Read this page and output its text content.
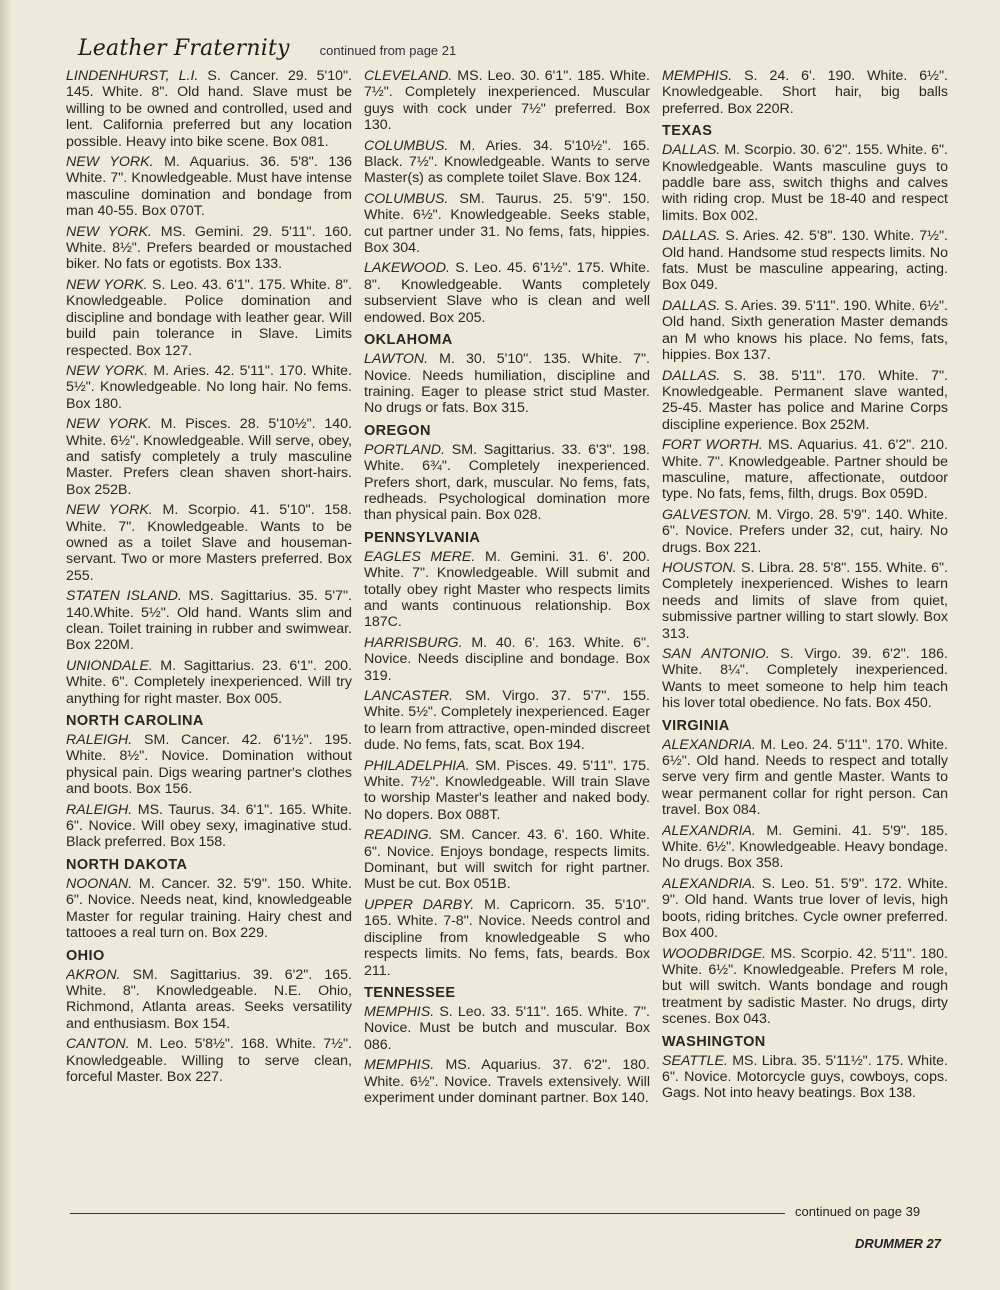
Leather Fraternity continued from page 21

LINDENHURST, L.I. S. Cancer. 29. 5'10". 145. White. 8". Old hand. Slave must be willing to be owned and controlled, used and lent. California preferred but any location possible. Heavy into bike scene. Box 081.

NEW YORK. M. Aquarius. 36. 5'8". 136 White. 7". Knowledgeable. Must have intense masculine domination and bondage from man 40-55. Box 070T.

NEW YORK. MS. Gemini. 29. 5'11". 160. White. 8½". Prefers bearded or moustached biker. No fats or egotists. Box 133.

NEW YORK. S. Leo. 43. 6'1". 175. White. 8". Knowledgeable. Police domination and discipline and bondage with leather gear. Will build pain tolerance in Slave. Limits respected. Box 127.

NEW YORK. M. Aries. 42. 5'11". 170. White. 5½". Knowledgeable. No long hair. No fems. Box 180.

NEW YORK. M. Pisces. 28. 5'10½". 140. White. 6½". Knowledgeable. Will serve, obey, and satisfy completely a truly masculine Master. Prefers clean shaven short-hairs. Box 252B.

NEW YORK. M. Scorpio. 41. 5'10". 158. White. 7". Knowledgeable. Wants to be owned as a toilet Slave and houseman-servant. Two or more Masters preferred. Box 255.

STATEN ISLAND. MS. Sagittarius. 35. 5'7". 140.White. 5½". Old hand. Wants slim and clean. Toilet training in rubber and swimwear. Box 220M.

UNIONDALE. M. Sagittarius. 23. 6'1". 200. White. 6". Completely inexperienced. Will try anything for right master. Box 005.

NORTH CAROLINA

RALEIGH. SM. Cancer. 42. 6'1½". 195. White. 8½". Novice. Domination without physical pain. Digs wearing partner's clothes and boots. Box 156.

RALEIGH. MS. Taurus. 34. 6'1". 165. White. 6". Novice. Will obey sexy, imaginative stud. Black preferred. Box 158.

NORTH DAKOTA

NOONAN. M. Cancer. 32. 5'9". 150. White. 6". Novice. Needs neat, kind, knowledgeable Master for regular training. Hairy chest and tattooes a real turn on. Box 229.

OHIO

AKRON. SM. Sagittarius. 39. 6'2". 165. White. 8". Knowledgeable. N.E. Ohio, Richmond, Atlanta areas. Seeks versatility and enthusiasm. Box 154.

CANTON. M. Leo. 5'8½". 168. White. 7½". Knowledgeable. Willing to serve clean, forceful Master. Box 227.

CLEVELAND. MS. Leo. 30. 6'1". 185. White. 7½". Completely inexperienced. Muscular guys with cock under 7½" preferred. Box 130.

COLUMBUS. M. Aries. 34. 5'10½". 165. Black. 7½". Knowledgeable. Wants to serve Master(s) as complete toilet Slave. Box 124.

COLUMBUS. SM. Taurus. 25. 5'9". 150. White. 6½". Knowledgeable. Seeks stable, cut partner under 31. No fems, fats, hippies. Box 304.

LAKEWOOD. S. Leo. 45. 6'1½". 175. White. 8". Knowledgeable. Wants completely subservient Slave who is clean and well endowed. Box 205.

OKLAHOMA

LAWTON. M. 30. 5'10". 135. White. 7". Novice. Needs humiliation, discipline and training. Eager to please strict stud Master. No drugs or fats. Box 315.

OREGON

PORTLAND. SM. Sagittarius. 33. 6'3". 198. White. 6¾". Completely inexperienced. Prefers short, dark, muscular. No fems, fats, redheads. Psychological domination more than physical pain. Box 028.

PENNSYLVANIA

EAGLES MERE. M. Gemini. 31. 6'. 200. White. 7". Knowledgeable. Will submit and totally obey right Master who respects limits and wants continuous relationship. Box 187C.

HARRISBURG. M. 40. 6'. 163. White. 6". Novice. Needs discipline and bondage. Box 319.

LANCASTER. SM. Virgo. 37. 5'7". 155. White. 5½". Completely inexperienced. Eager to learn from attractive, open-minded discreet dude. No fems, fats, scat. Box 194.

PHILADELPHIA. SM. Pisces. 49. 5'11". 175. White. 7½". Knowledgeable. Will train Slave to worship Master's leather and naked body. No dopers. Box 088T.

READING. SM. Cancer. 43. 6'. 160. White. 6". Novice. Enjoys bondage, respects limits. Dominant, but will switch for right partner. Must be cut. Box 051B.

UPPER DARBY. M. Capricorn. 35. 5'10". 165. White. 7-8". Novice. Needs control and discipline from knowledgeable S who respects limits. No fems, fats, beards. Box 211.

TENNESSEE

MEMPHIS. S. Leo. 33. 5'11". 165. White. 7". Novice. Must be butch and muscular. Box 086.

MEMPHIS. MS. Aquarius. 37. 6'2". 180. White. 6½". Novice. Travels extensively. Will experiment under dominant partner. Box 140.

MEMPHIS. S. 24. 6'. 190. White. 6½". Knowledgeable. Short hair, big balls preferred. Box 220R.

TEXAS

DALLAS. M. Scorpio. 30. 6'2". 155. White. 6". Knowledgeable. Wants masculine guys to paddle bare ass, switch thighs and calves with riding crop. Must be 18-40 and respect limits. Box 002.

DALLAS. S. Aries. 42. 5'8". 130. White. 7½". Old hand. Handsome stud respects limits. No fats. Must be masculine appearing, acting. Box 049.

DALLAS. S. Aries. 39. 5'11". 190. White. 6½". Old hand. Sixth generation Master demands an M who knows his place. No fems, fats, hippies. Box 137.

DALLAS. S. 38. 5'11". 170. White. 7". Knowledgeable. Permanent slave wanted, 25-45. Master has police and Marine Corps discipline experience. Box 252M.

FORT WORTH. MS. Aquarius. 41. 6'2". 210. White. 7". Knowledgeable. Partner should be masculine, mature, affectionate, outdoor type. No fats, fems, filth, drugs. Box 059D.

GALVESTON. M. Virgo. 28. 5'9". 140. White. 6". Novice. Prefers under 32, cut, hairy. No drugs. Box 221.

HOUSTON. S. Libra. 28. 5'8". 155. White. 6". Completely inexperienced. Wishes to learn needs and limits of slave from quiet, submissive partner willing to start slowly. Box 313.

SAN ANTONIO. S. Virgo. 39. 6'2". 186. White. 8¼". Completely inexperienced. Wants to meet someone to help him teach his lover total obedience. No fats. Box 450.

VIRGINIA

ALEXANDRIA. M. Leo. 24. 5'11". 170. White. 6½". Old hand. Needs to respect and totally serve very firm and gentle Master. Wants to wear permanent collar for right person. Can travel. Box 084.

ALEXANDRIA. M. Gemini. 41. 5'9". 185. White. 6½". Knowledgeable. Heavy bondage. No drugs. Box 358.

ALEXANDRIA. S. Leo. 51. 5'9". 172. White. 9". Old hand. Wants true lover of levis, high boots, riding britches. Cycle owner preferred. Box 400.

WOODBRIDGE. MS. Scorpio. 42. 5'11". 180. White. 6½". Knowledgeable. Prefers M role, but will switch. Wants bondage and rough treatment by sadistic Master. No drugs, dirty scenes. Box 043.

WASHINGTON

SEATTLE. MS. Libra. 35. 5'11½". 175. White. 6". Novice. Motorcycle guys, cowboys, cops. Gags. Not into heavy beatings. Box 138.

continued on page 39
DRUMMER 27
